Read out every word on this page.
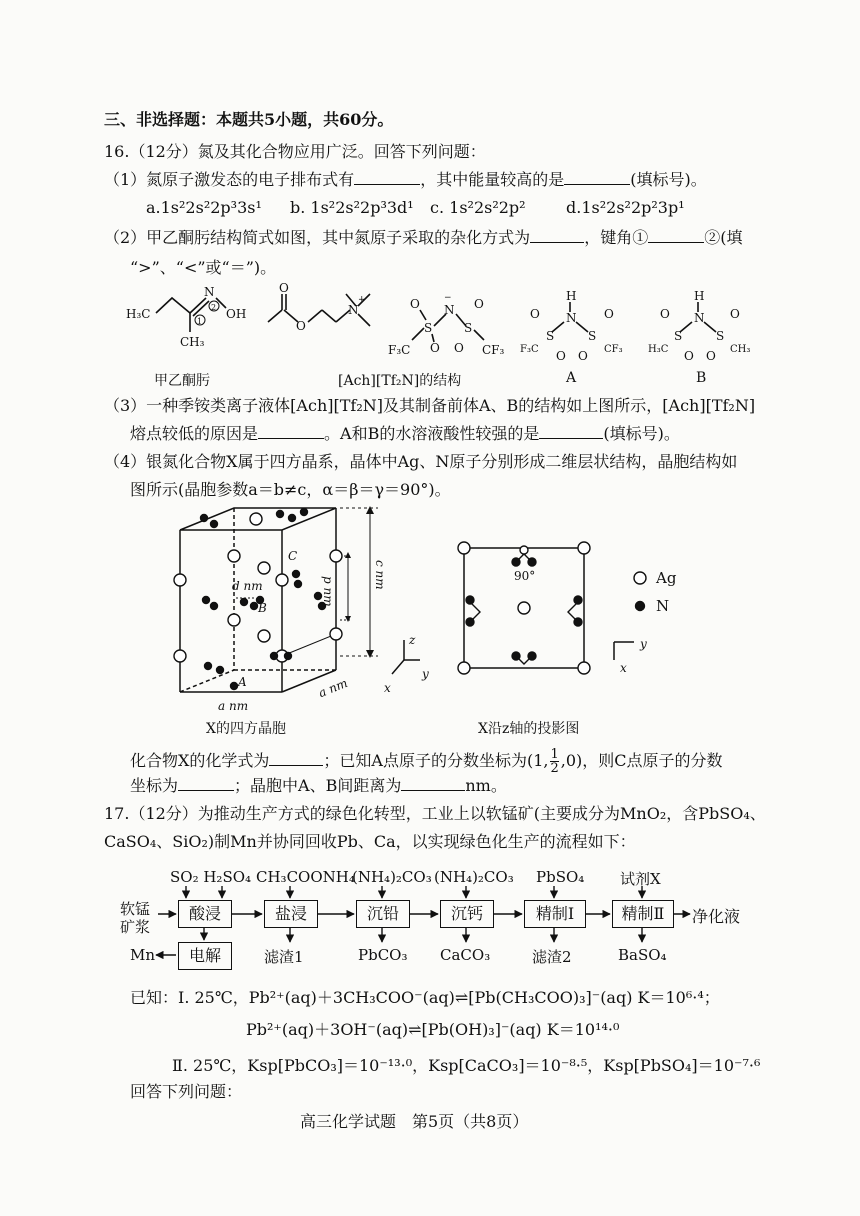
三、非选择题：本题共5小题，共60分。
16.（12分）氮及其化合物应用广泛。回答下列问题：
（1）氮原子激发态的电子排布式有	，其中能量较高的是	(填标号)。
a.1s²2s²2p³3s¹ b. 1s²2s²2p³3d¹ c. 1s²2s²2p²	d.1s²2s²2p²3p¹
（2）甲乙酮肟结构简式如图，其中氮原子采取的杂化方式为	，键角①	②(填
“>”、“<”或“＝”)。
H₃C
N
OH
CH₃
1
2
O
O
N
+
F₃C
S
O
O
N
−
S
O
O CF₃
H
N
S	S
O
O
O
O
F₃C	CF₃
H
N
S	S
O
O
O
O
H₃C	CH₃
甲乙酮肟	[Ach][Tf₂N]的结构	A	B
（3）一种季铵类离子液体[Ach][Tf₂N]及其制备前体A、B的结构如上图所示，[Ach][Tf₂N]
熔点较低的原因是	。A和B的水溶液酸性较强的是	(填标号)。
（4）银氮化合物X属于四方晶系，晶体中Ag、N原子分别形成二维层状结构，晶胞结构如
图所示(晶胞参数a＝b≠c，α＝β＝γ＝90°)。
C
B
A
d nm	p nm
c nm
a nm
a nm
z
y
x
90°
y
x
Ag
N
X的四方晶胞	X沿z轴的投影图
化合物X的化学式为	；已知A点原子的分数坐标为(1, $\frac{1}{2} ,0$)，则C点原子的分数
坐标为	；晶胞中A、B间距离为	nm。
17.（12分）为推动生产方式的绿色化转型，工业上以软锰矿(主要成分为MnO₂，含PbSO₄、
CaSO₄、SiO₂)制Mn并协同回收Pb、Ca，以实现绿色化生产的流程如下：
SO₂ H₂SO₄ CH₃COONH₄
(NH₄)₂CO₃ (NH₄)₂CO₃ PbSO₄ 试剂X
软锰
矿浆
酸浸	盐浸	沉铅	沉钙	精制Ⅰ	精制Ⅱ	净化液
电解
Mn	滤渣1	PbCO₃ CaCO₃	滤渣2	BaSO₄
已知：Ⅰ. 25℃，Pb²⁺(aq)＋3CH₃COO⁻(aq)⇌[Pb(CH₃COO)₃]⁻(aq) K＝10⁶·⁴；
Pb²⁺(aq)＋3OH⁻(aq)⇌[Pb(OH)₃]⁻(aq) K＝10¹⁴·⁰
Ⅱ. 25℃，Ksp[PbCO₃]＝10⁻¹³·⁰，Ksp[CaCO₃]＝10⁻⁸·⁵，Ksp[PbSO₄]＝10⁻⁷·⁶
回答下列问题：
高三化学试题　第5页（共8页）
